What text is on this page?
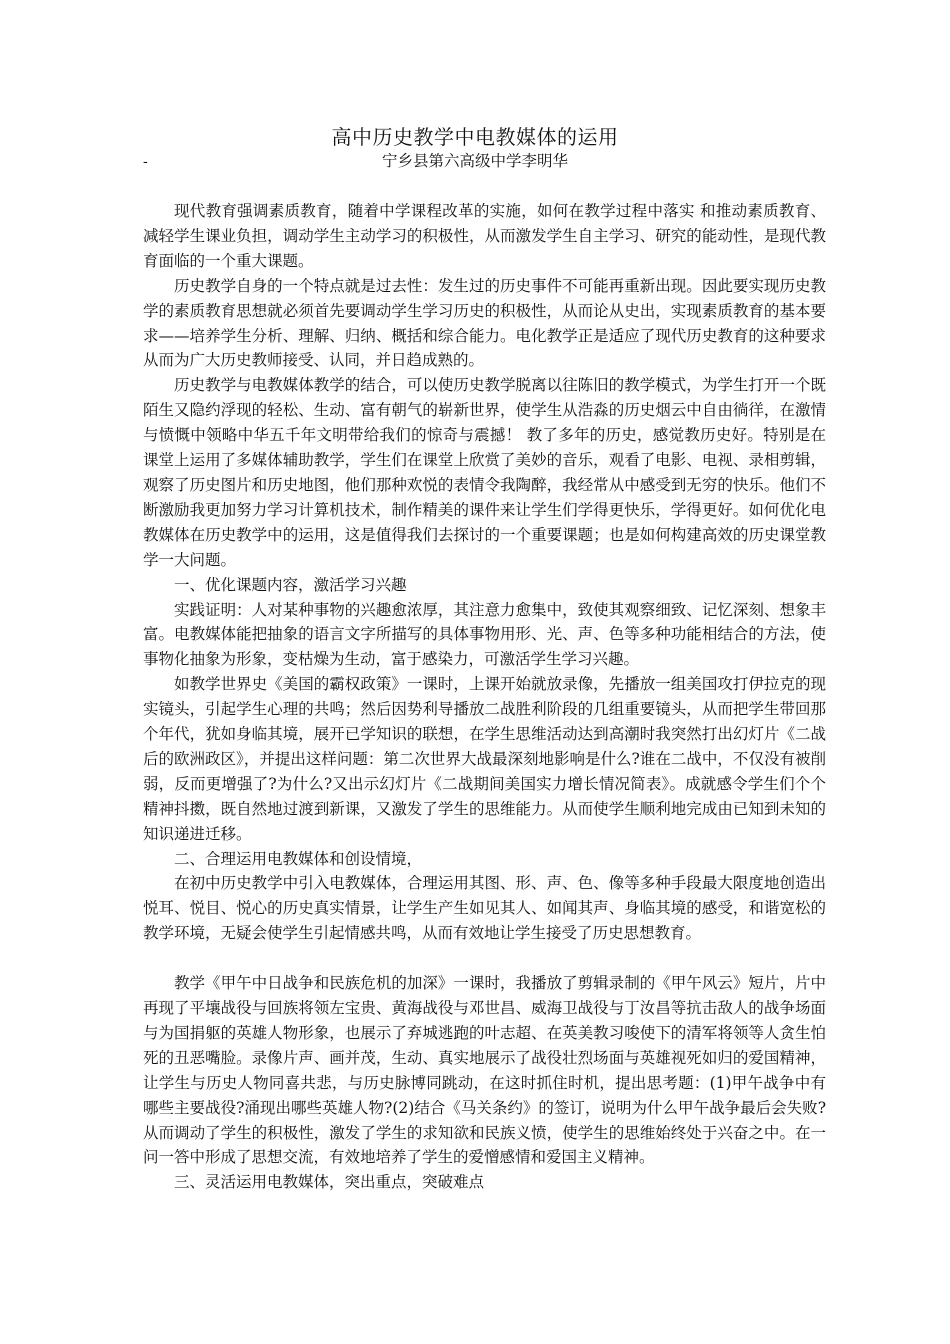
高中历史教学中电教媒体的运用
-	宁乡县第六高级中学李明华

现代教育强调素质教育，随着中学课程改革的实施，如何在教学过程中落实 和推动素质教育、减轻学生课业负担，调动学生主动学习的积极性，从而激发学生自主学习、研究的能动性，是现代教育面临的一个重大课题。

历史教学自身的一个特点就是过去性：发生过的历史事件不可能再重新出现。因此要实现历史教学的素质教育思想就必须首先要调动学生学习历史的积极性，从而论从史出，实现素质教育的基本要求——培养学生分析、理解、归纳、概括和综合能力。电化教学正是适应了现代历史教育的这种要求从而为广大历史教师接受、认同，并日趋成熟的。

历史教学与电教媒体教学的结合，可以使历史教学脱离以往陈旧的教学模式，为学生打开一个既陌生又隐约浮现的轻松、生动、富有朝气的崭新世界，使学生从浩淼的历史烟云中自由徜徉，在激情与愤慨中领略中华五千年文明带给我们的惊奇与震撼！ 教了多年的历史，感觉教历史好。特别是在课堂上运用了多媒体辅助教学，学生们在课堂上欣赏了美妙的音乐，观看了电影、电视、录相剪辑，观察了历史图片和历史地图，他们那种欢悦的表情令我陶醉，我经常从中感受到无穷的快乐。他们不断激励我更加努力学习计算机技术，制作精美的课件来让学生们学得更快乐，学得更好。如何优化电教媒体在历史教学中的运用，这是值得我们去探讨的一个重要课题；也是如何构建高效的历史课堂教学一大问题。

一、优化课题内容，激活学习兴趣

实践证明：人对某种事物的兴趣愈浓厚，其注意力愈集中，致使其观察细致、记忆深刻、想象丰富。电教媒体能把抽象的语言文字所描写的具体事物用形、光、声、色等多种功能相结合的方法，使事物化抽象为形象，变枯燥为生动，富于感染力，可激活学生学习兴趣。

如教学世界史《美国的霸权政策》一课时，上课开始就放录像，先播放一组美国攻打伊拉克的现实镜头，引起学生心理的共鸣；然后因势利导播放二战胜利阶段的几组重要镜头，从而把学生带回那个年代，犹如身临其境，展开已学知识的联想，在学生思维活动达到高潮时我突然打出幻灯片《二战后的欧洲政区》，并提出这样问题：第二次世界大战最深刻地影响是什么?谁在二战中，不仅没有被削弱，反而更增强了?为什么?又出示幻灯片《二战期间美国实力增长情况简表》。成就感令学生们个个精神抖擞，既自然地过渡到新课，又激发了学生的思维能力。从而使学生顺利地完成由已知到未知的知识递进迁移。

二、合理运用电教媒体和创设情境，

在初中历史教学中引入电教媒体，合理运用其图、形、声、色、像等多种手段最大限度地创造出悦耳、悦目、悦心的历史真实情景，让学生产生如见其人、如闻其声、身临其境的感受，和谐宽松的教学环境，无疑会使学生引起情感共鸣，从而有效地让学生接受了历史思想教育。

教学《甲午中日战争和民族危机的加深》一课时，我播放了剪辑录制的《甲午风云》短片，片中再现了平壤战役与回族将领左宝贵、黄海战役与邓世昌、威海卫战役与丁汝昌等抗击敌人的战争场面与为国捐躯的英雄人物形象，也展示了弃城逃跑的叶志超、在英美教习唆使下的清军将领等人贪生怕死的丑恶嘴脸。录像片声、画并茂，生动、真实地展示了战役壮烈场面与英雄视死如归的爱国精神，让学生与历史人物同喜共悲，与历史脉博同跳动，在这时抓住时机，提出思考题：(1)甲午战争中有哪些主要战役?涌现出哪些英雄人物?(2)结合《马关条约》的签订，说明为什么甲午战争最后会失败?从而调动了学生的积极性，激发了学生的求知欲和民族义愤，使学生的思维始终处于兴奋之中。在一问一答中形成了思想交流，有效地培养了学生的爱憎感情和爱国主义精神。

三、灵活运用电教媒体，突出重点，突破难点
